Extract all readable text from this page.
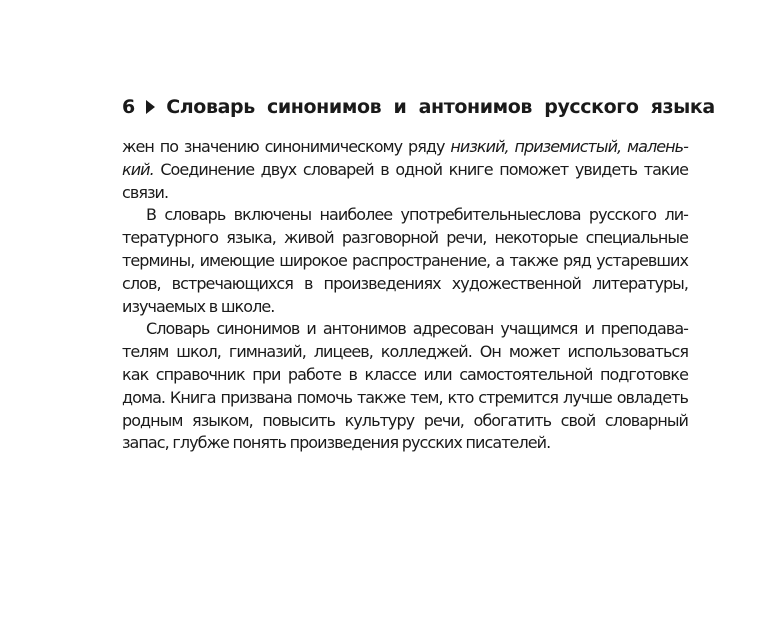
6 Словарь синонимов и антонимов русского языка
жен по значению синонимическому ряду низкий, приземистый, малень-
кий. Соединение двух словарей в одной книге поможет увидеть такие
связи.
В словарь включены наиболее употребительныеслова русского ли-
тературного языка, живой разговорной речи, некоторые специальные
термины, имеющие широкое распространение, а также ряд устаревших
слов, встречающихся в произведениях художественной литературы,
изучаемых в школе.
Словарь синонимов и антонимов адресован учащимся и преподава-
телям школ, гимназий, лицеев, колледжей. Он может использоваться
как справочник при работе в классе или самостоятельной подготовке
дома. Книга призвана помочь также тем, кто стремится лучше овладеть
родным языком, повысить культуру речи, обогатить свой словарный
запас, глубже понять произведения русских писателей.
